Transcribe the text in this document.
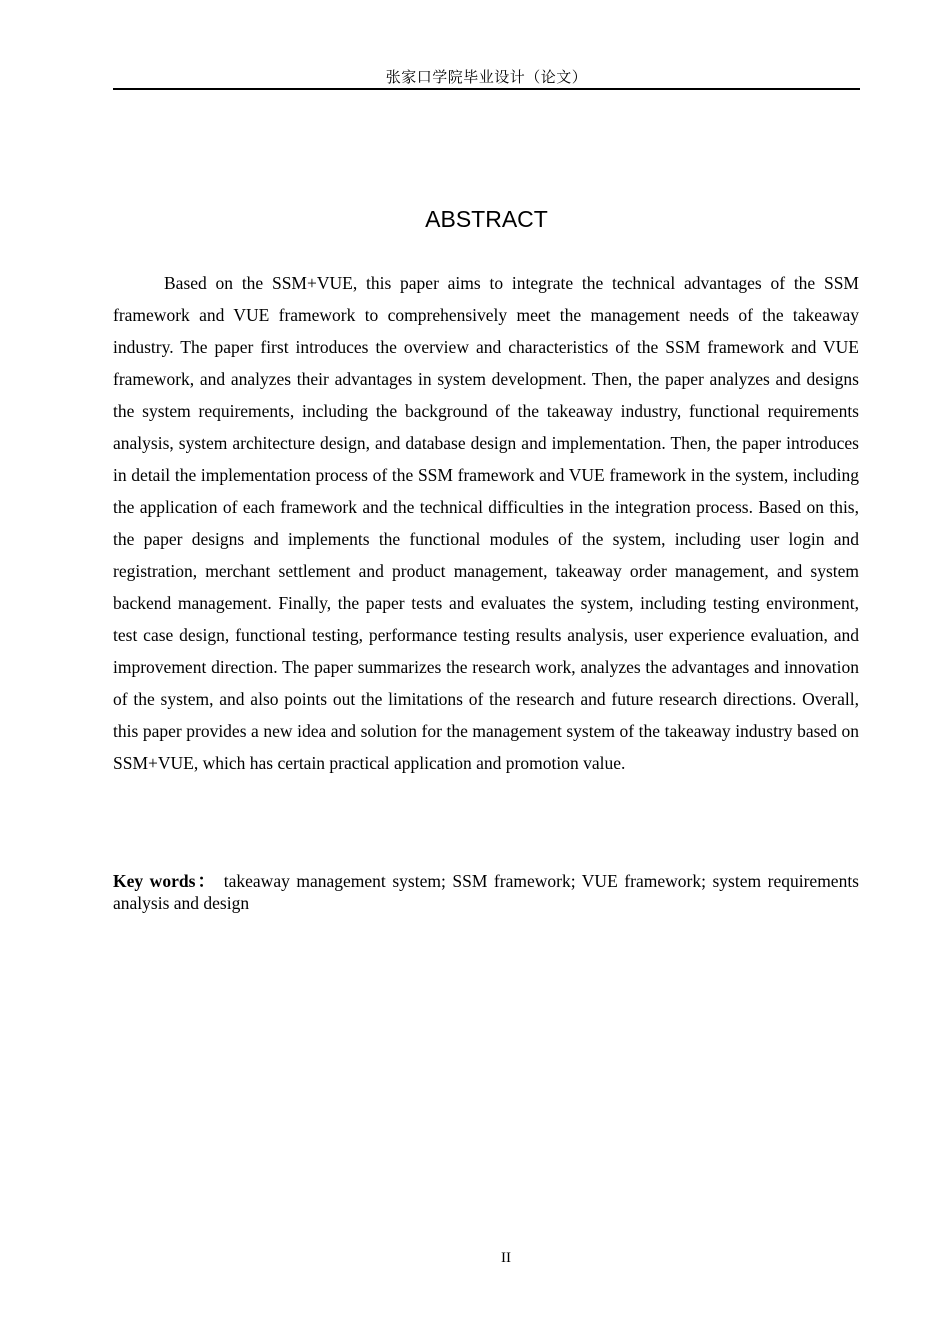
张家口学院毕业设计（论文）
ABSTRACT

Based on the SSM+VUE, this paper aims to integrate the technical advantages of the SSM framework and VUE framework to comprehensively meet the management needs of the takeaway industry. The paper first introduces the overview and characteristics of the SSM framework and VUE framework, and analyzes their advantages in system development. Then, the paper analyzes and designs the system requirements, including the background of the takeaway industry, functional requirements analysis, system architecture design, and database design and implementation. Then, the paper introduces in detail the implementation process of the SSM framework and VUE framework in the system, including the application of each framework and the technical difficulties in the integration process. Based on this, the paper designs and implements the functional modules of the system, including user login and registration, merchant settlement and product management, takeaway order management, and system backend management. Finally, the paper tests and evaluates the system, including testing environment, test case design, functional testing, performance testing results analysis, user experience evaluation, and improvement direction. The paper summarizes the research work, analyzes the advantages and innovation of the system, and also points out the limitations of the research and future research directions. Overall, this paper provides a new idea and solution for the management system of the takeaway industry based on SSM+VUE, which has certain practical application and promotion value.

Key words： takeaway management system; SSM framework; VUE framework; system requirements analysis and design

II
